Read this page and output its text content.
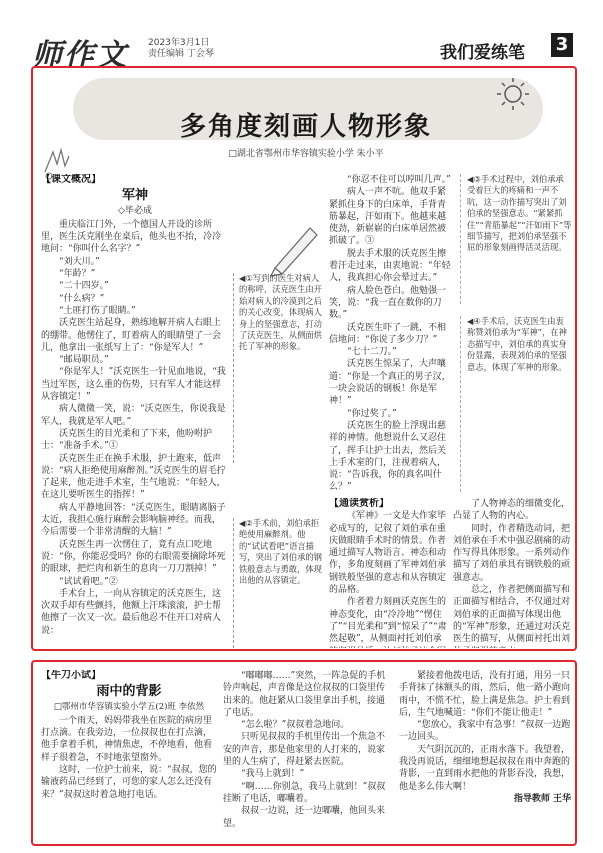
师作文 2023年3月1日
责任编辑 丁会琴	我们爱练笔 3
多角度刻画人物形象
□湖北省鄂州市华容镇实验小学 朱小平
【课文概况】
军神
◇毕必成

重庆临江门外，一个德国人开设的诊所里，医生沃克刚坐在桌后，他头也不抬，冷冷地问：“你叫什么名字？”

“刘大川。”

“年龄？”

“二十四岁。”

“什么病？”

“土匪打伤了眼睛。”

沃克医生站起身，熟练地解开病人右眼上的绷带。他愣住了，盯着病人的眼睛望了一会儿，他拿出一张纸写上了：“你是军人！”

“邮局职员。”

“你是军人！”沃克医生一针见血地说，“我当过军医，这么重的伤势，只有军人才能这样从容镇定！”

病人微微一笑，说：“沃克医生，你说我是军人，我就是军人吧。”

沃克医生的目光柔和了下来，他吩咐护士：“准备手术。”①

沃克医生正在换手术服，护士跑来，低声说：“病人拒绝使用麻醉剂。”沃克医生的眉毛拧了起来，他走进手术室，生气地说：“年轻人，在这儿要听医生的指挥！”

病人平静地回答：“沃克医生，眼睛离脑子太近，我担心施行麻醉会影响脑神经。而我，今后需要一个非常清醒的大脑！”

沃克医生再一次愣住了，竟有点口吃地说：“你，你能忍受吗？你的右眼需要摘除坏死的眼球，把烂肉和新生的息肉一刀刀割掉！”

“试试看吧。”②

手术台上，一向从容镇定的沃克医生，这次双手却有些颤抖，他额上汗珠滚滚，护士帮他擦了一次又一次。最后他忍不住开口对病人说：

◀①写到的医生对病人的称呼，沃克医生由开始对病人的冷漠到之后的关心改变，体现病人身上的坚强意志，打动了沃克医生，从侧面烘托了军神的形象。
◀②手术前，刘伯承拒绝使用麻醉剂。他的“试试看吧”语言描写，突出了刘伯承的钢铁般意志与勇敢，体现出他的从容镇定。

“你忍不住可以哼叫几声。”

病人一声不吭。他双手紧紧抓住身下的白床单，手背青筋暴起，汗如雨下。他越来越使劲，新崭崭的白床单居然被抓破了。③

脱去手术服的沃克医生擦着汗走过来，由衷地说：“年轻人，我真担心你会晕过去。”

病人脸色苍白。他勉强一笑，说：“我一直在数你的刀数。”

沃克医生吓了一跳，不相信地问：“你说了多少刀？”

“七十二刀。”

沃克医生惊呆了，大声嚷道：“你是一个真正的男子汉，一块会说话的钢板！你是军神！”

“你过奖了。”

沃克医生的脸上浮现出慈祥的神情。他想说什么又忍住了，挥手让护士出去，然后关上手术室的门，注视着病人，说：“告诉我，你的真名叫什么？”

◀③手术过程中，刘伯承承受着巨大的疼痛和一声不吭，这一动作描写突出了刘伯承的坚强意志。“紧紧抓住”“青筋暴起”“汗如雨下”等细节描写，把刘伯承坚强不屈的形象刻画得活灵活现。
◀④手术后，沃克医生由衷称赞刘伯承为“军神”，在神态描写中，刘伯承的真实身份显露，表现刘伯承的坚强意志，体现了军神的形象。
【通读赏析】

《军神》一文是大作家毕必成写的，记叙了刘伯承在重庆做眼睛手术时的情景。作者通过描写人物语言、神态和动作，多角度刻画了军神刘伯承钢铁般坚强的意志和从容镇定的品格。

作者着力刻画沃克医生的神态变化，由“冷冷地”“愣住了”“目光柔和”到“惊呆了”“肃然起敬”，从侧面衬托刘伯承

了人物神态的细微变化，凸显了人物的内心。

同时，作者精选动词，把刘伯承在手术中强忍剧痛的动作写得具体形象。一系列动作描写了刘伯承具有钢铁般的顽强意志。

总之，作者把侧面描写和正面描写相结合，不仅通过对刘伯承的正面描写体现出他的“军神”形象，还通过对沃克医生的描写，从侧面衬托出刘

【牛刀小试】
雨中的背影
□鄂州市华容镇实验小学五(2)班 李依然

一个雨天，妈妈带我坐在医院的病房里打点滴。在我旁边，一位叔叔也在打点滴，他手拿着手机，神情焦虑，不停地看，他看样子很着急，不时地张望窗外。

这时，一位护士前来，说：“叔叔，您的输液药品已经到了，可您的家人怎么还没有来？”叔叔这时着急地打电话。

“嘟嘟嘟……”突然，一阵急促的手机铃声响起，声音像是这位叔叔的口袋里传出来的。他赶紧从口袋里拿出手机，接通了电话。

“怎么啦？”叔叔着急地问。

只听见叔叔的手机里传出一个焦急不安的声音，那是他家里的人打来的，说家里的人生病了，得赶紧去医院。

“我马上就到！”

“啊……你别急，我马上就到！”叔叔挂断了电话，嘟囔着。

叔叔一边说，还一边嘟囔，他回头来望。

紧接着他拨电话，没有打通，用另一只手背抹了抹额头的雨，然后，他一路小跑向雨中，不慌不忙，脸上满是焦急。护士看到后，生气地喊道：“你们不能让他走！”

“您放心，我家中有急事！”叔叔一边跑一边回头。

天气阴沉沉的，正雨水落下。我望着，我没再说话，细细地想起叔叔在雨中奔跑的背影，一直到雨水把他的背影吞没，我想，他是多么伟大啊！

指导教师 王华
